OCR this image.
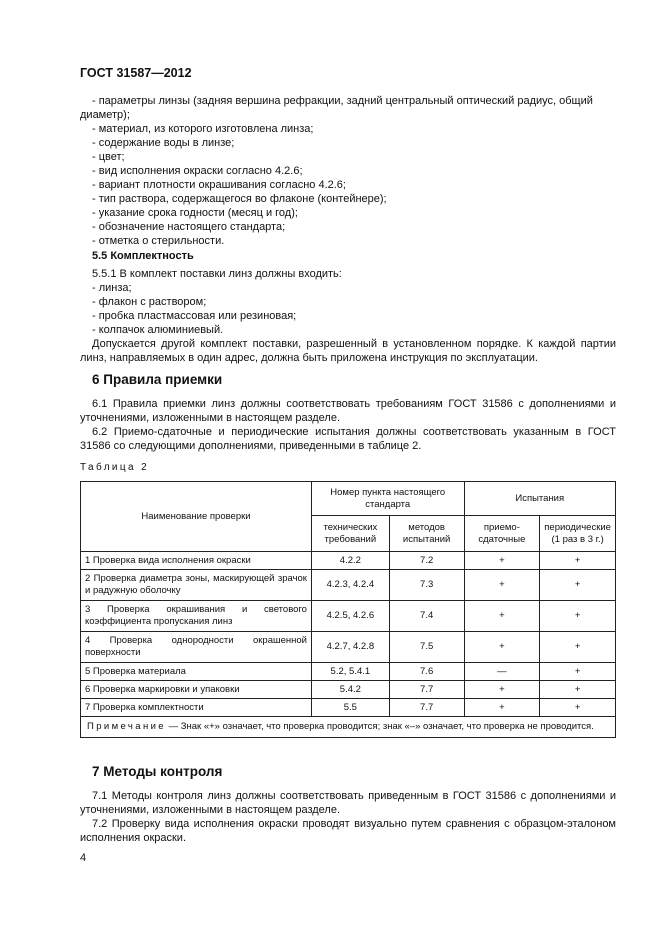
ГОСТ 31587—2012
- параметры линзы (задняя вершина рефракции, задний центральный оптический радиус, общий
диаметр);
- материал, из которого изготовлена линза;
- содержание воды в линзе;
- цвет;
- вид исполнения окраски согласно 4.2.6;
- вариант плотности окрашивания согласно 4.2.6;
- тип раствора, содержащегося во флаконе (контейнере);
- указание срока годности (месяц и год);
- обозначение настоящего стандарта;
- отметка о стерильности.
5.5 Комплектность
5.5.1 В комплект поставки линз должны входить:
- линза;
- флакон с раствором;
- пробка пластмассовая или резиновая;
- колпачок алюминиевый.

Допускается другой комплект поставки, разрешенный в установленном порядке. К каждой партии линз, направляемых в один адрес, должна быть приложена инструкция по эксплуатации.

6 Правила приемки

6.1 Правила приемки линз должны соответствовать требованиям ГОСТ 31586 с дополнениями и уточнениями, изложенными в настоящем разделе.

6.2 Приемо-сдаточные и периодические испытания должны соответствовать указанным в ГОСТ 31586 со следующими дополнениями, приведенными в таблице 2.

Таблица 2
Наименование проверки	Номер пункта настоящего стандарта		Испытания	
	технических требований	методов испытаний	приемо-сдаточные	периодические (1 раз в 3 г.)
1 Проверка вида исполнения окраски	4.2.2	7.2	+	+
2 Проверка диаметра зоны, маскирующей зрачок и радужную оболочку	4.2.3, 4.2.4	7.3	+	+
3 Проверка окрашивания и светового коэффициента пропускания линз	4.2.5, 4.2.6	7.4	+	+
4 Проверка однородности окрашенной поверхности	4.2.7, 4.2.8	7.5	+	+
5 Проверка материала	5.2, 5.4.1	7.6	—	+
6 Проверка маркировки и упаковки	5.4.2	7.7	+	+
7 Проверка комплектности	5.5	7.7	+	+
Примечание — Знак «+» означает, что проверка проводится; знак «–» означает, что проверка не проводится.				
7 Методы контроля

7.1 Методы контроля линз должны соответствовать приведенным в ГОСТ 31586 с дополнениями и уточнениями, изложенными в настоящем разделе.

7.2 Проверку вида исполнения окраски проводят визуально путем сравнения с образцом-эталоном исполнения окраски.

4
